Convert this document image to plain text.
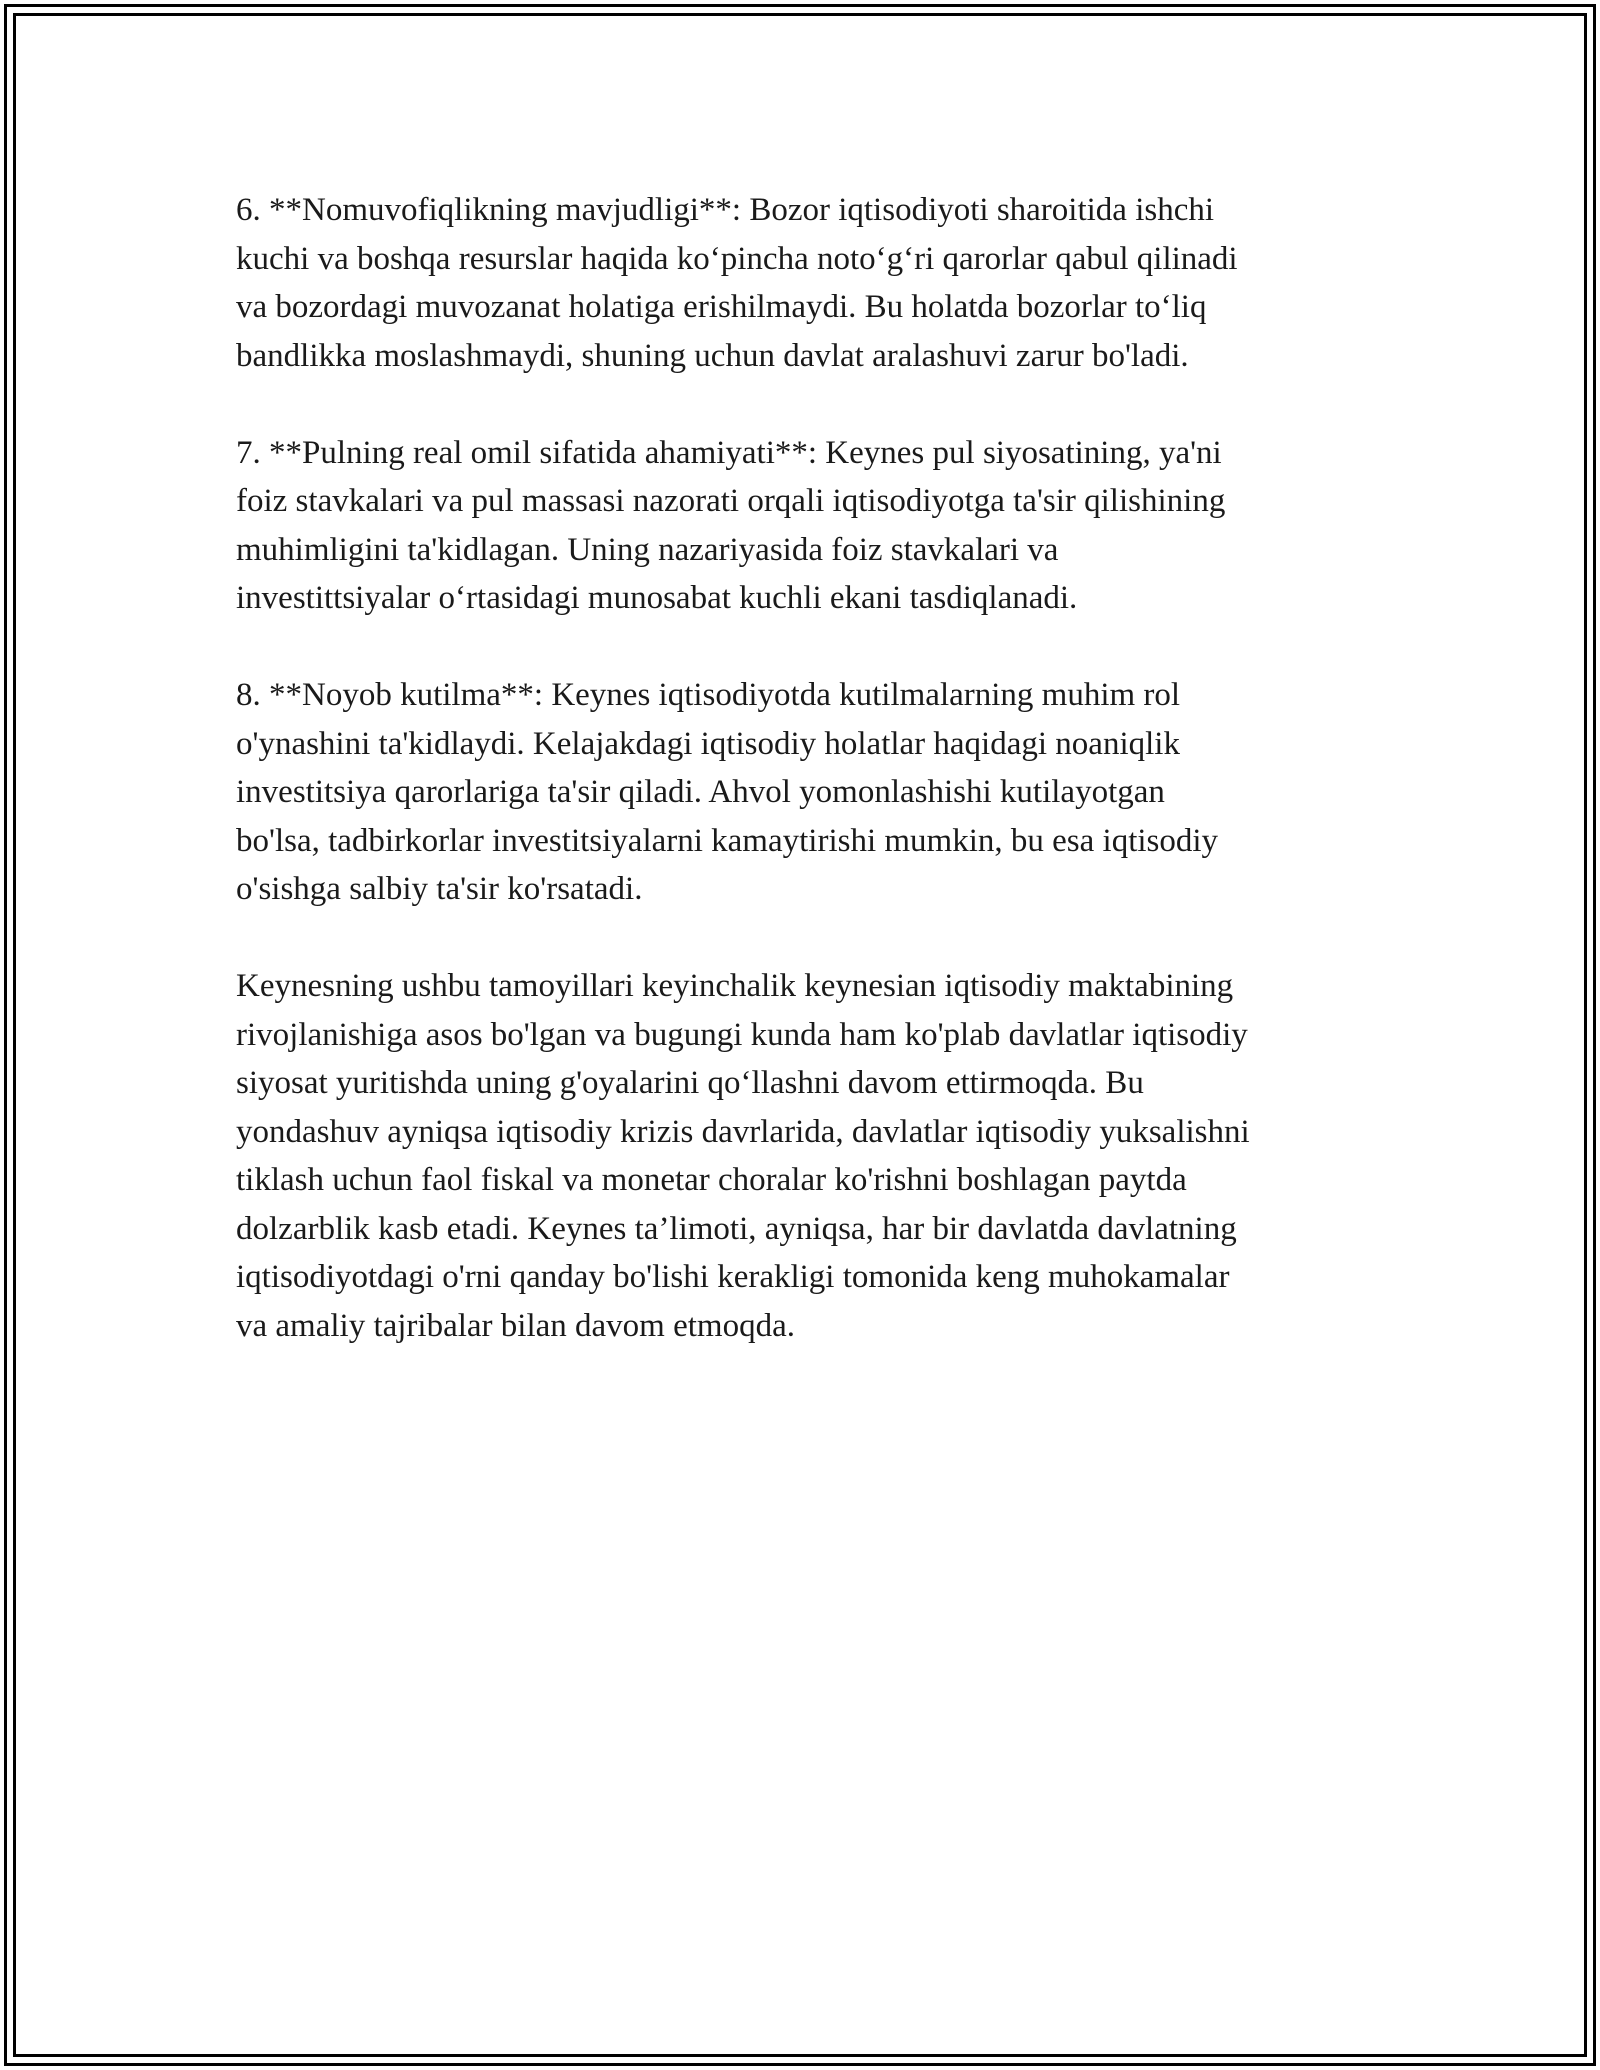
6. **Nomuvofiqlikning mavjudligi**: Bozor iqtisodiyoti sharoitida ishchi
kuchi va boshqa resurslar haqida ko‘pincha noto‘g‘ri qarorlar qabul qilinadi
va bozordagi muvozanat holatiga erishilmaydi. Bu holatda bozorlar to‘liq
bandlikka moslashmaydi, shuning uchun davlat aralashuvi zarur bo'ladi.

7. **Pulning real omil sifatida ahamiyati**: Keynes pul siyosatining, ya'ni
foiz stavkalari va pul massasi nazorati orqali iqtisodiyotga ta'sir qilishining
muhimligini ta'kidlagan. Uning nazariyasida foiz stavkalari va
investittsiyalar o‘rtasidagi munosabat kuchli ekani tasdiqlanadi.

8. **Noyob kutilma**: Keynes iqtisodiyotda kutilmalarning muhim rol
o'ynashini ta'kidlaydi. Kelajakdagi iqtisodiy holatlar haqidagi noaniqlik
investitsiya qarorlariga ta'sir qiladi. Ahvol yomonlashishi kutilayotgan
bo'lsa, tadbirkorlar investitsiyalarni kamaytirishi mumkin, bu esa iqtisodiy
o'sishga salbiy ta'sir ko'rsatadi.

Keynesning ushbu tamoyillari keyinchalik keynesian iqtisodiy maktabining
rivojlanishiga asos bo'lgan va bugungi kunda ham ko'plab davlatlar iqtisodiy
siyosat yuritishda uning g'oyalarini qo‘llashni davom ettirmoqda. Bu
yondashuv ayniqsa iqtisodiy krizis davrlarida, davlatlar iqtisodiy yuksalishni
tiklash uchun faol fiskal va monetar choralar ko'rishni boshlagan paytda
dolzarblik kasb etadi. Keynes ta’limoti, ayniqsa, har bir davlatda davlatning
iqtisodiyotdagi o'rni qanday bo'lishi kerakligi tomonida keng muhokamalar
va amaliy tajribalar bilan davom etmoqda.
